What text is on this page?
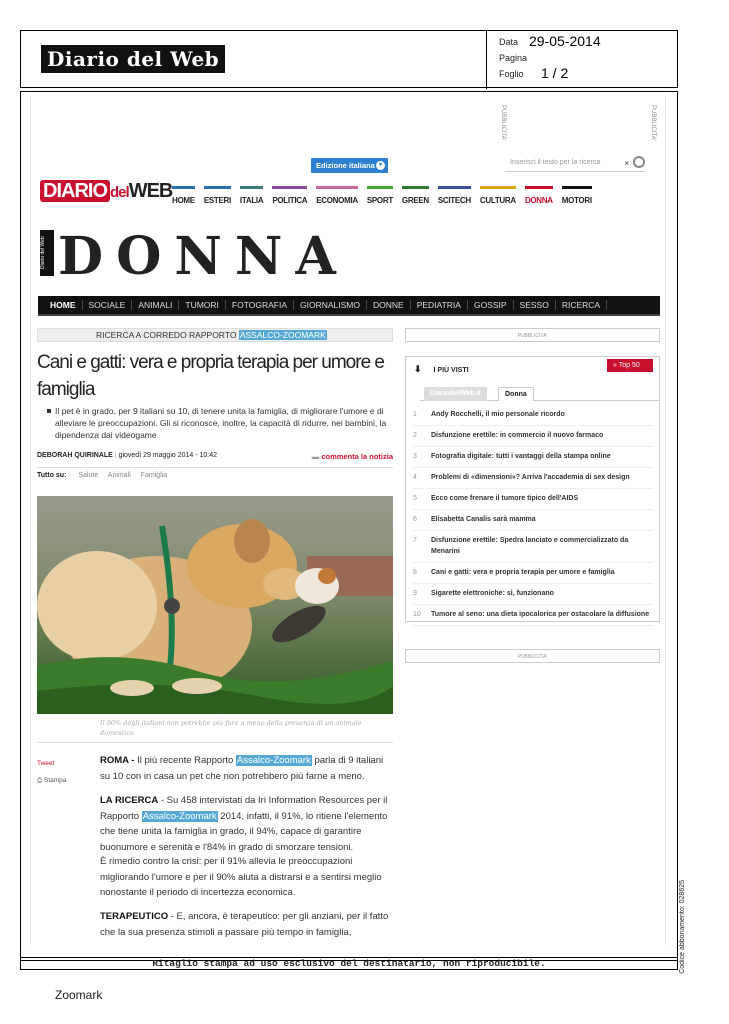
Diario del Web
Data 29-05-2014
Pagina
Foglio 1 / 2
PUBBLICITA'	PUBBLICITA'
Edizione italiana ▾	Inserisci il testo per la ricerca	×
DIARIO delWEB HOME ESTERI ITALIA POLITICA ECONOMIA SPORT GREEN SCITECH CULTURA DONNA MOTORI
Diario del Web DONNA
HOME	SOCIALE	ANIMALI	TUMORI	FOTOGRAFIA	GIORNALISMO	DONNE	PEDIATRIA	GOSSIP	SESSO	RICERCA
RICERCA A CORREDO RAPPORTO ASSALCO-ZOOMARK
Cani e gatti: vera e propria terapia per umore e famiglia
Il pet è in grado, per 9 italiani su 10, di tenere unita la famiglia, di migliorare l'umore e di alleviare le preoccupazioni. Gli si riconosce, inoltre, la capacità di ridurre, nei bambini, la dipendenza dai videogame
DEBORAH QUIRINALE | giovedì 29 maggio 2014 - 10:42	▬ commenta la notizia
Tutto su: Salute Animali Famiglia
Il 90% degli italiani non potrebbe più fare a meno della presenza di un animale domestico
Tweet
⎙ Stampa
ROMA - Il più recente Rapporto Assalco-Zoomark parla di 9 italiani su 10 con in casa un pet che non potrebbero più farne a meno.
LA RICERCA - Su 458 intervistati da Iri Information Resources per il Rapporto Assalco-Zoomark 2014, infatti, il 91%, lo ritiene l'elemento che tiene unita la famiglia in grado, il 94%, capace di garantire buonumore e serenità e l'84% in grado di smorzare tensioni.
È rimedio contro la crisi: per il 91% allevia le preoccupazioni migliorando l'umore e per il 90% aiuta a distrarsi e a sentirsi meglio nonostante il periodo di incertezza economica.
TERAPEUTICO - E, ancora, è terapeutico: per gli anziani, per il fatto che la sua presenza stimoli a passare più tempo in famiglia,
PUBBLICITA'
⬇ I PIÙ VISTI
» Top 50
DiariodelWeb.it	Donna
1 Andy Rocchelli, il mio personale ricordo
2 Disfunzione erettile: in commercio il nuovo farmaco
3 Fotografia digitale: tutti i vantaggi della stampa online
4 Problemi di «dimensioni»? Arriva l'accademia di sex design
5 Ecco come frenare il tumore tipico dell'AIDS
6 Elisabetta Canalis sarà mamma
7 Disfunzione erettile: Spedra lanciato e commercializzato da Menarini
8 Cani e gatti: vera e propria terapia per umore e famiglia
9 Sigarette elettroniche: sì, funzionano
10 Tumore al seno: una dieta ipocalorica per ostacolare la diffusione
PUBBLICITA'
Ritaglio stampa ad uso esclusivo del destinatario, non riproducibile.	Codice abbonamento: 028625
Zoomark
